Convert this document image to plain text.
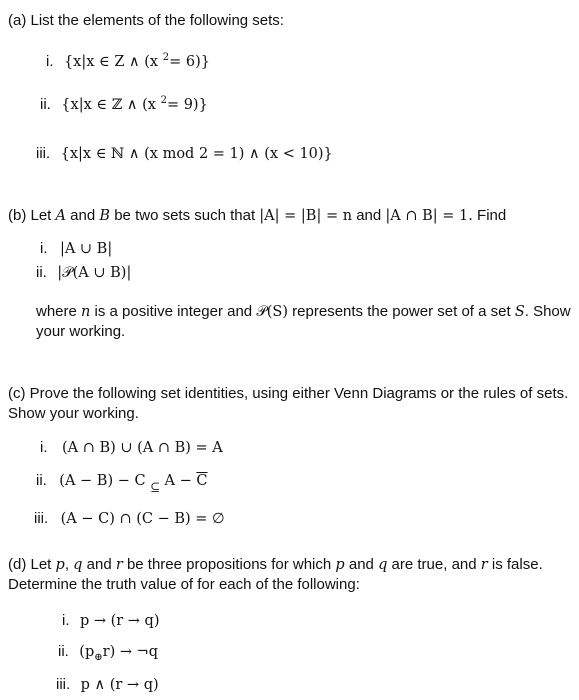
(a) List the elements of the following sets:
i. {x|x ∈ Z ∧ (x $^2$= 6)}
ii. {x|x ∈ ℤ ∧ (x $^2$= 9)}
iii. {x|x ∈ ℕ ∧ (x mod 2 = 1) ∧ (x < 10)}
(b) Let A and B be two sets such that |A| = |B| = n and |A ∩ B| = 1. Find
i. |A ∪ B|
ii. |𝒫(A ∪ B)|
where n is a positive integer and 𝒫(S) represents the power set of a set S. Show your working.
(c) Prove the following set identities, using either Venn Diagrams or the rules of sets. Show your working.
i. (A ∩ B) ∪ (A ∩ B) = A
ii. (A − B) − C $_⊆$ $A - \overline{C}$
iii. (A − C) ∩ (C − B) = ∅
(d) Let p, q and r be three propositions for which p and q are true, and r is false. Determine the truth value of for each of the following:
i. p → (r → q)
ii. $(p_\oplus r)$ → ¬q
iii. p ∧ (r → q)
